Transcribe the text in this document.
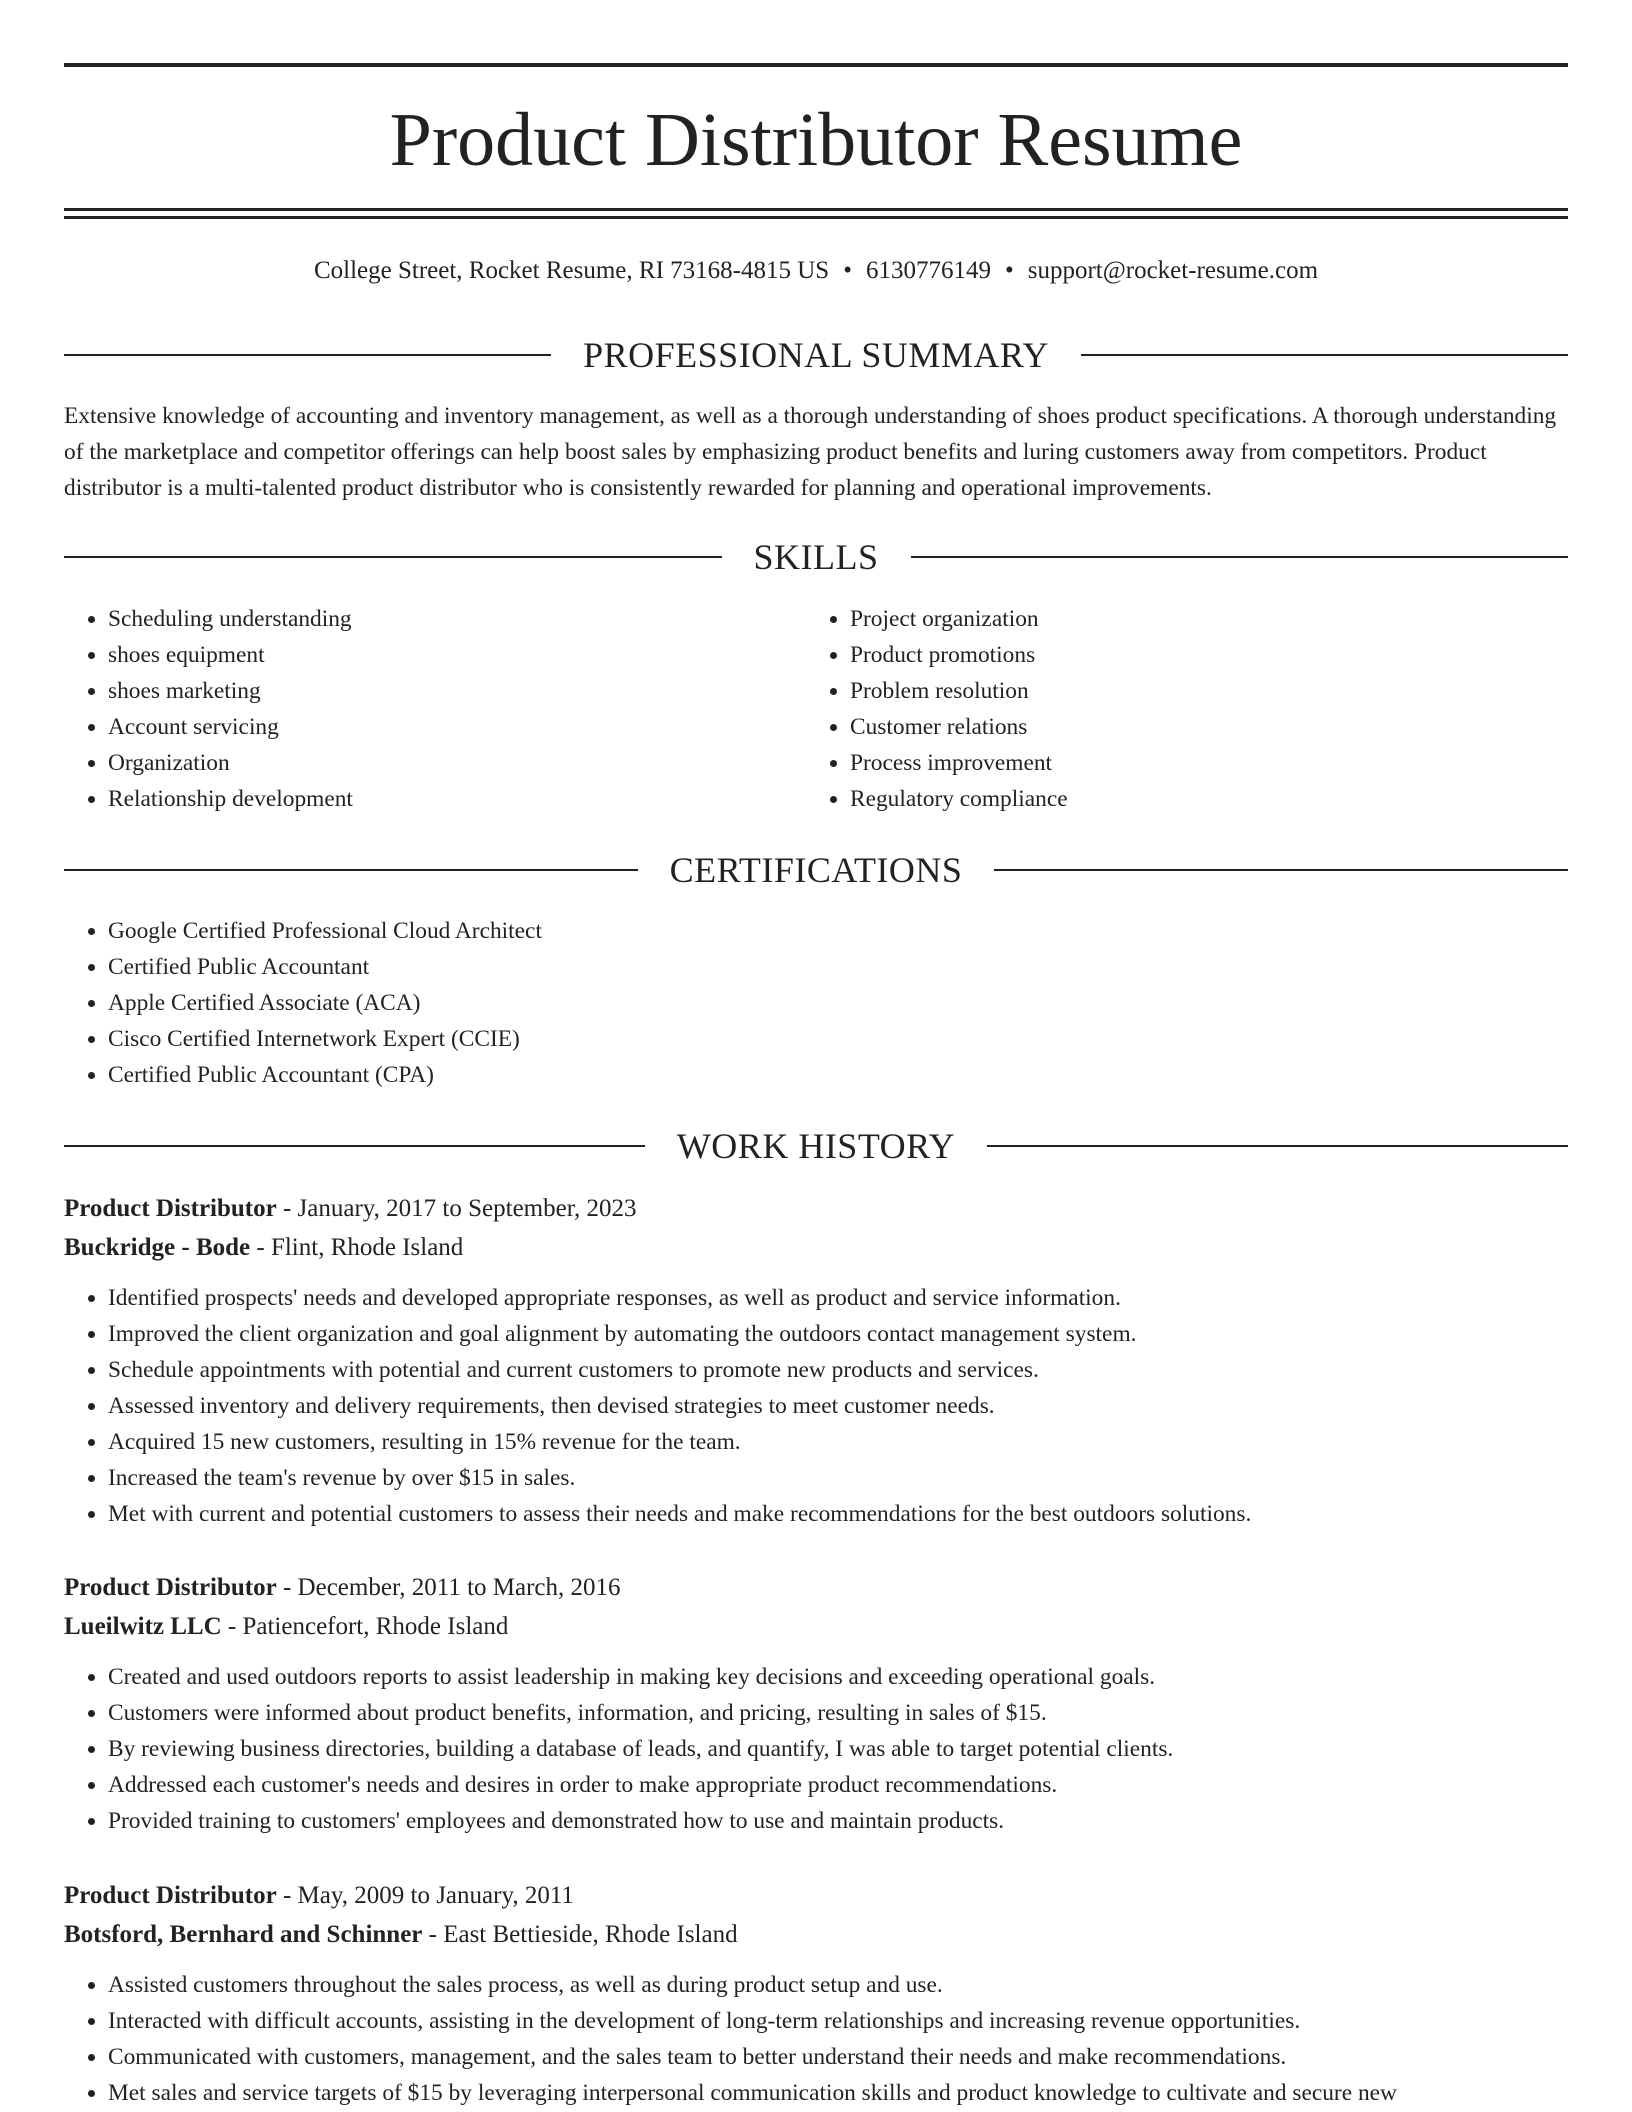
Product Distributor Resume
College Street, Rocket Resume, RI 73168-4815 US • 6130776149 • support@rocket-resume.com
PROFESSIONAL SUMMARY

Extensive knowledge of accounting and inventory management, as well as a thorough understanding of shoes product specifications. A thorough understanding of the marketplace and competitor offerings can help boost sales by emphasizing product benefits and luring customers away from competitors. Product distributor is a multi-talented product distributor who is consistently rewarded for planning and operational improvements.

SKILLS
• Scheduling understanding
• shoes equipment
• shoes marketing
• Account servicing
• Organization
• Relationship development
• Project organization
• Product promotions
• Problem resolution
• Customer relations
• Process improvement
• Regulatory compliance
CERTIFICATIONS
• Google Certified Professional Cloud Architect
• Certified Public Accountant
• Apple Certified Associate (ACA)
• Cisco Certified Internetwork Expert (CCIE)
• Certified Public Accountant (CPA)
WORK HISTORY
Product Distributor - January, 2017 to September, 2023
Buckridge - Bode - Flint, Rhode Island
• Identified prospects' needs and developed appropriate responses, as well as product and service information.
• Improved the client organization and goal alignment by automating the outdoors contact management system.
• Schedule appointments with potential and current customers to promote new products and services.
• Assessed inventory and delivery requirements, then devised strategies to meet customer needs.
• Acquired 15 new customers, resulting in 15% revenue for the team.
• Increased the team's revenue by over $15 in sales.
• Met with current and potential customers to assess their needs and make recommendations for the best outdoors solutions.
Product Distributor - December, 2011 to March, 2016
Lueilwitz LLC - Patiencefort, Rhode Island
• Created and used outdoors reports to assist leadership in making key decisions and exceeding operational goals.
• Customers were informed about product benefits, information, and pricing, resulting in sales of $15.
• By reviewing business directories, building a database of leads, and quantify, I was able to target potential clients.
• Addressed each customer's needs and desires in order to make appropriate product recommendations.
• Provided training to customers' employees and demonstrated how to use and maintain products.
Product Distributor - May, 2009 to January, 2011
Botsford, Bernhard and Schinner - East Bettieside, Rhode Island
• Assisted customers throughout the sales process, as well as during product setup and use.
• Interacted with difficult accounts, assisting in the development of long-term relationships and increasing revenue opportunities.
• Communicated with customers, management, and the sales team to better understand their needs and make recommendations.
• Met sales and service targets of $15 by leveraging interpersonal communication skills and product knowledge to cultivate and secure new
